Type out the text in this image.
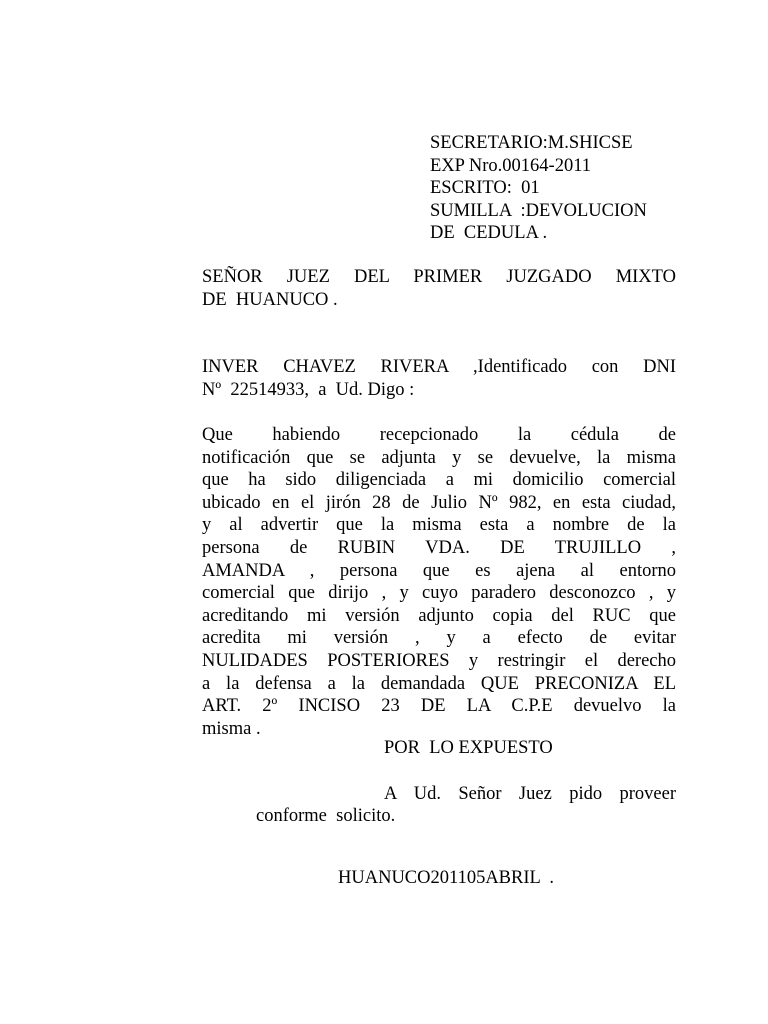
SECRETARIO:M.SHICSE
EXP Nro.00164-2011
ESCRITO:  01
SUMILLA  :DEVOLUCION
DE  CEDULA .
SEÑOR JUEZ DEL PRIMER JUZGADO MIXTO
DE  HUANUCO .
INVER CHAVEZ RIVERA ,Identificado con DNI
Nº  22514933,  a  Ud. Digo :
Que habiendo recepcionado la cédula de
notificación que se adjunta y se devuelve, la misma
que ha sido diligenciada a mi domicilio comercial
ubicado en el jirón 28 de Julio Nº 982, en esta ciudad,
y al advertir que la misma esta a nombre de la
persona de RUBIN VDA. DE TRUJILLO ,
AMANDA , persona que es ajena al entorno
comercial que dirijo , y cuyo paradero desconozco , y
acreditando mi versión adjunto copia del RUC que
acredita mi versión , y a efecto de evitar
NULIDADES POSTERIORES y restringir el derecho
a la defensa a la demandada QUE PRECONIZA EL
ART. 2º INCISO 23 DE LA C.P.E devuelvo la
misma .
POR  LO EXPUESTO
A Ud. Señor Juez pido proveer
conforme  solicito.
HUANUCO201105ABRIL  .
